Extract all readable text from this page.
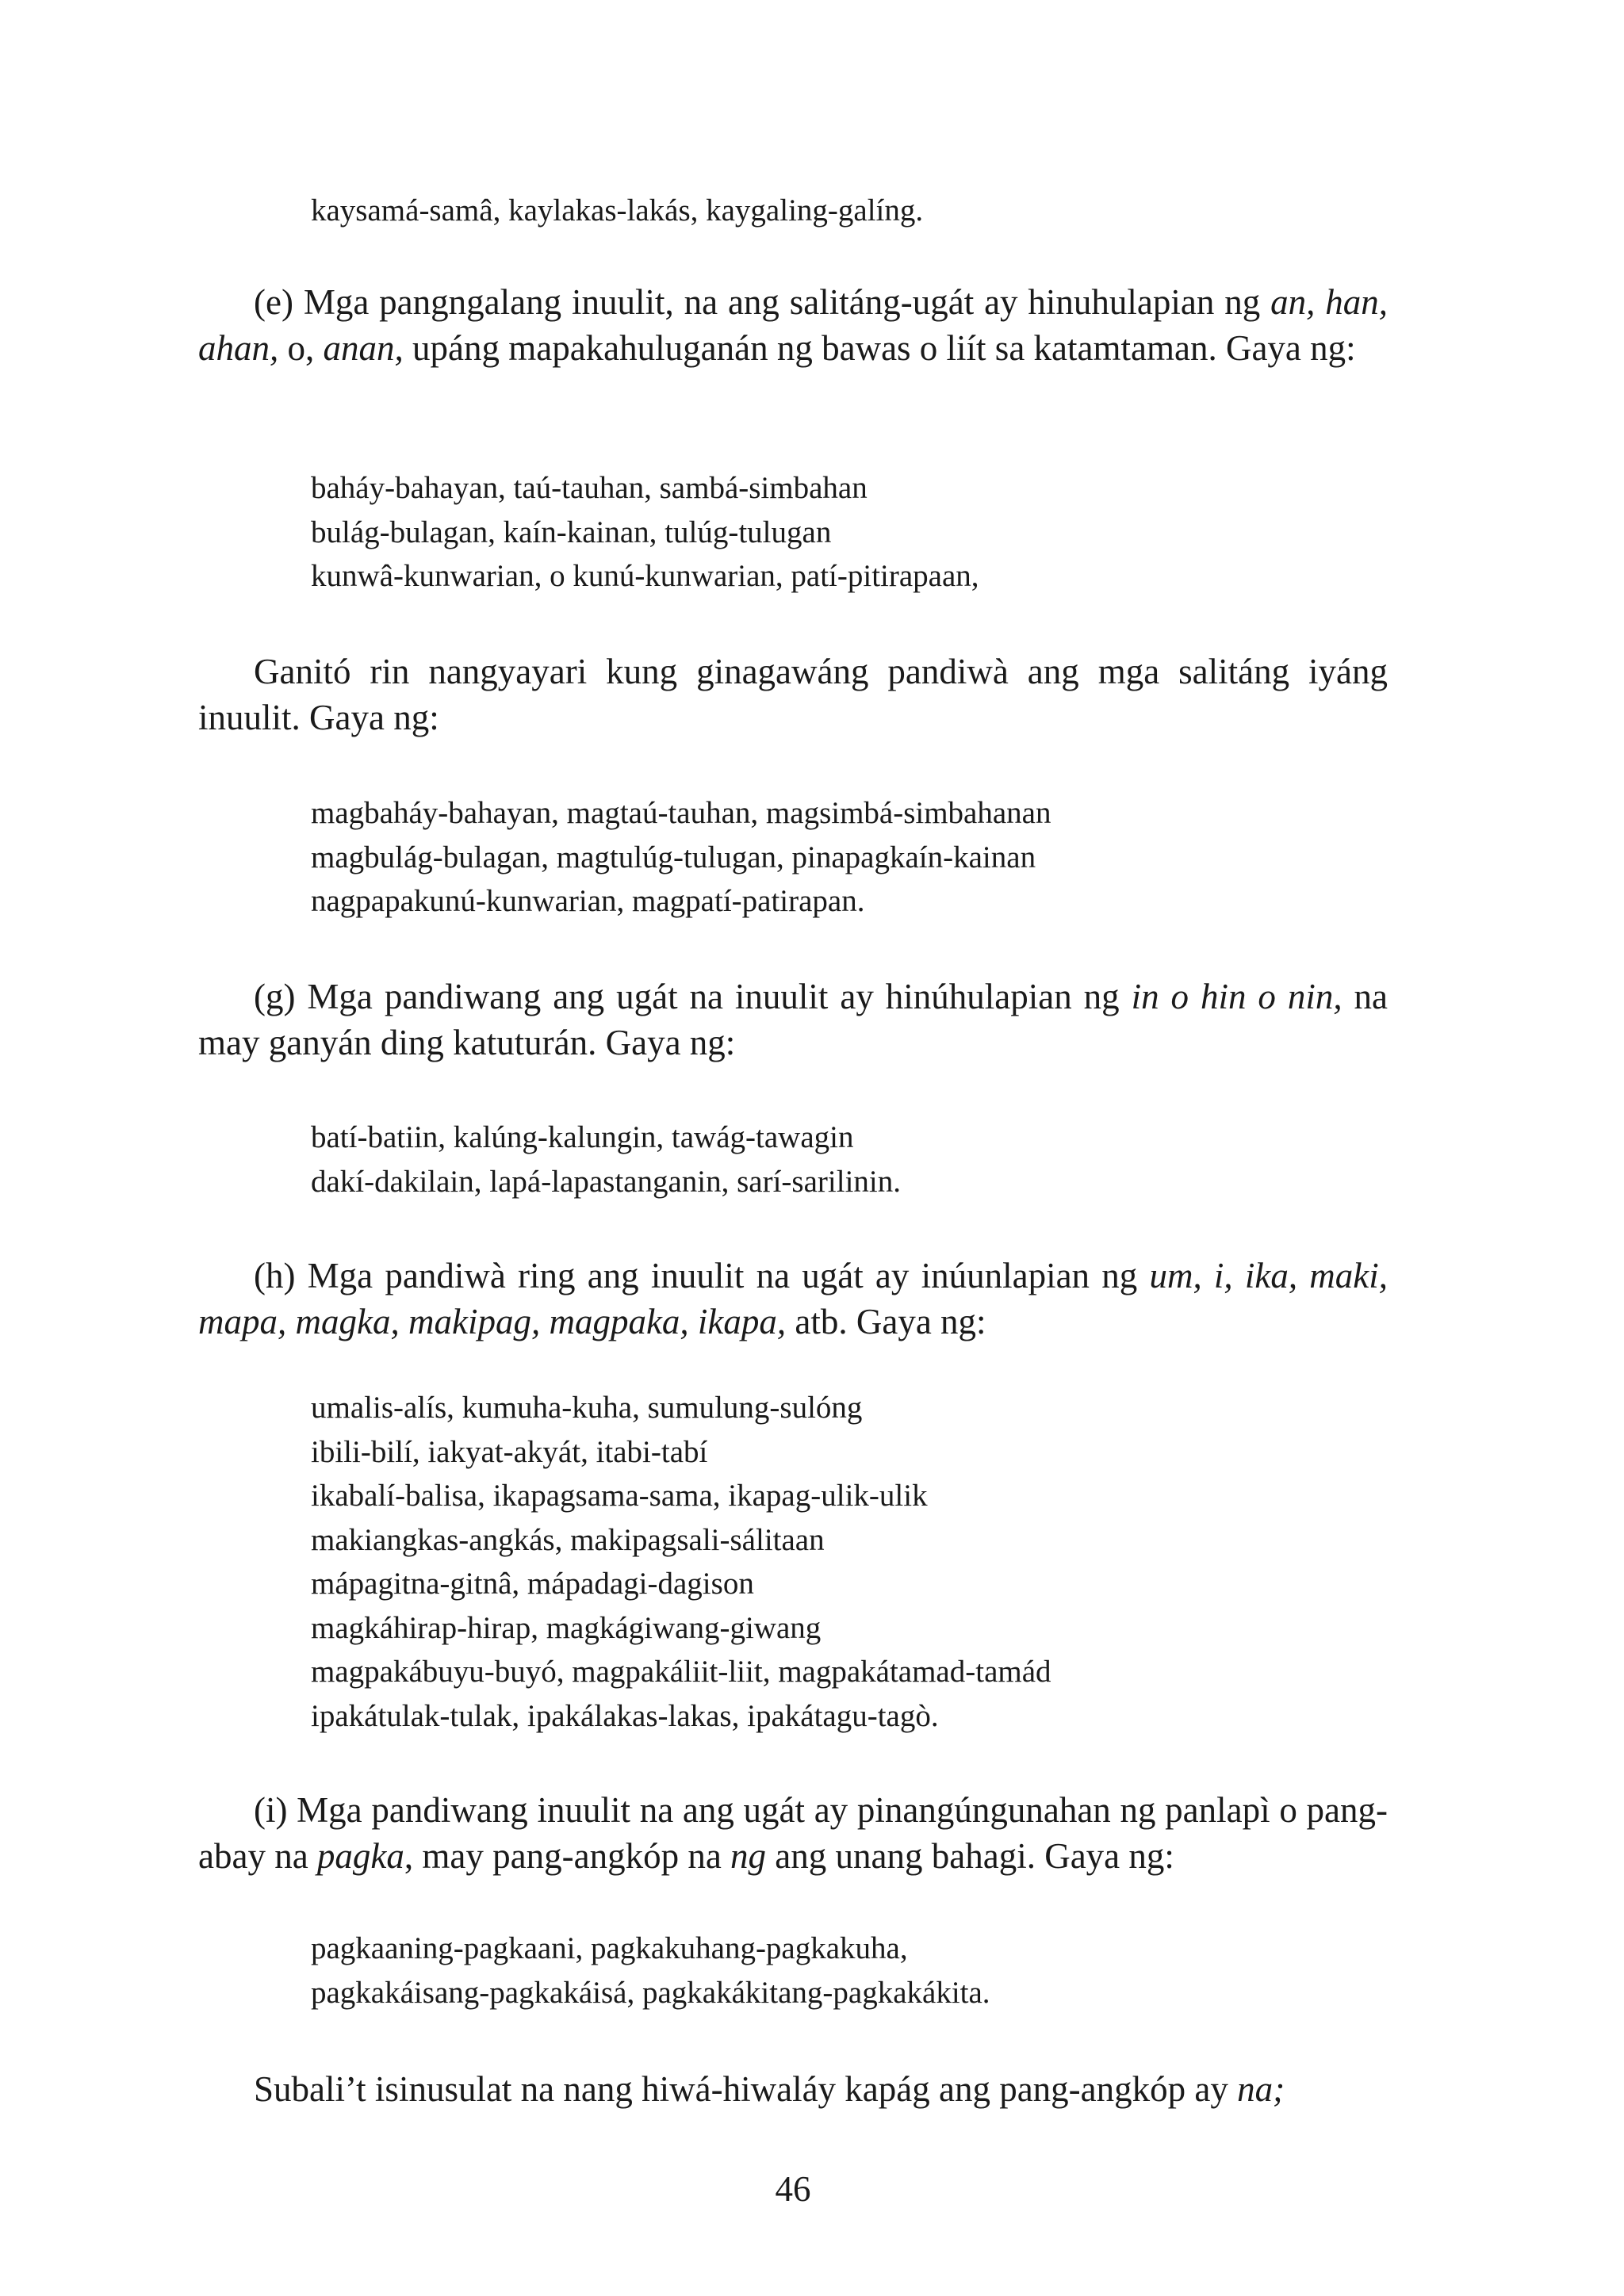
kaysamá-samâ, kaylakas-lakás, kaygaling-galíng.

(e) Mga pangngalang inuulit, na ang salitáng-ugát ay hinuhulapian ng an, han, ahan, o, anan, upáng mapakahuluganán ng bawas o liít sa katamtaman. Gaya ng:

baháy-bahayan, taú-tauhan, sambá-simbahan
bulág-bulagan, kaín-kainan, tulúg-tulugan
kunwâ-kunwarian, o kunú-kunwarian, patí-pitirapaan,

Ganitó rin nangyayari kung ginagawáng pandiwà ang mga salitáng iyáng inuulit. Gaya ng:

magbaháy-bahayan, magtaú-tauhan, magsimbá-simbahanan
magbulág-bulagan, magtulúg-tulugan, pinapagkaín-kainan
nagpapakunú-kunwarian, magpatí-patirapan.

(g) Mga pandiwang ang ugát na inuulit ay hinúhulapian ng in o hin o nin, na may ganyán ding katuturán. Gaya ng:

batí-batiin, kalúng-kalungin, tawág-tawagin
dakí-dakilain, lapá-lapastanganin, sarí-sarilinin.

(h) Mga pandiwà ring ang inuulit na ugát ay inúunlapian ng um, i, ika, maki, mapa, magka, makipag, magpaka, ikapa, atb. Gaya ng:

umalis-alís, kumuha-kuha, sumulung-sulóng
ibili-bilí, iakyat-akyát, itabi-tabí
ikabalí-balisa, ikapagsama-sama, ikapag-ulik-ulik
makiangkas-angkás, makipagsali-sálitaan
mápagitna-gitnâ, mápadagi-dagison
magkáhirap-hirap, magkágiwang-giwang
magpakábuyu-buyó, magpakáliit-liit, magpakátamad-tamád
ipakátulak-tulak, ipakálakas-lakas, ipakátagu-tagò.

(i) Mga pandiwang inuulit na ang ugát ay pinangúngunahan ng panlapì o pang-abay na pagka, may pang-angkóp na ng ang unang bahagi. Gaya ng:

pagkaaning-pagkaani, pagkakuhang-pagkakuha,
pagkakáisang-pagkakáisá, pagkakákitang-pagkakákita.

Subali’t isinusulat na nang hiwá-hiwaláy kapág ang pang-angkóp ay na;

46
